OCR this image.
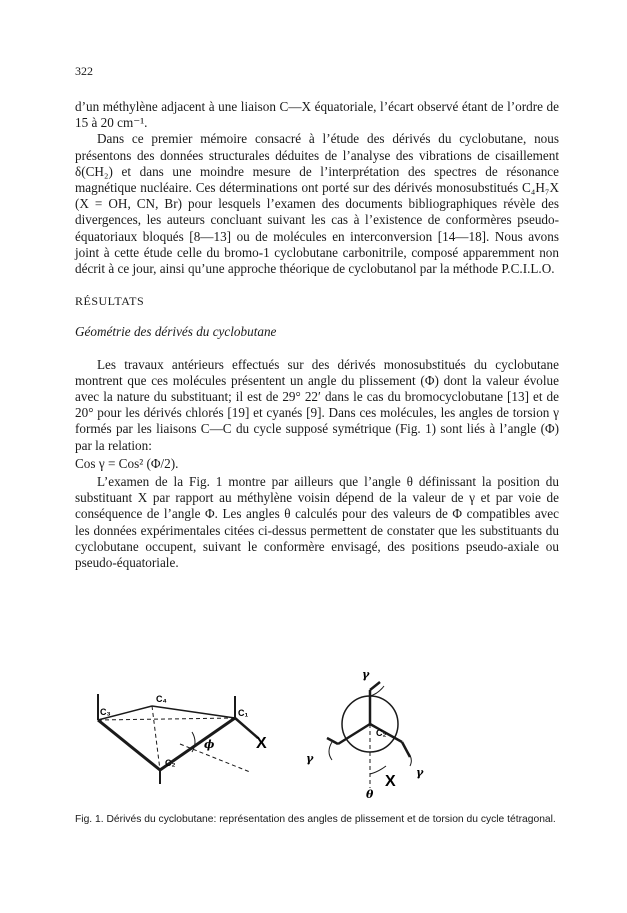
322

d’un méthylène adjacent à une liaison C—X équatoriale, l’écart observé étant de l’ordre de 15 à 20 cm⁻¹.

Dans ce premier mémoire consacré à l’étude des dérivés du cyclobutane, nous présentons des données structurales déduites de l’analyse des vibrations de cisaillement δ(CH₂) et dans une moindre mesure de l’interprétation des spectres de résonance magnétique nucléaire. Ces déterminations ont porté sur des dérivés monosubstitués C₄H₇X (X = OH, CN, Br) pour lesquels l’examen des documents bibliographiques révèle des divergences, les auteurs concluant suivant les cas à l’existence de conformères pseudo-équatoriaux bloqués [8—13] ou de molécules en interconversion [14—18]. Nous avons joint à cette étude celle du bromo-1 cyclobutane carbonitrile, composé apparemment non décrit à ce jour, ainsi qu’une approche théorique de cyclobutanol par la méthode P.C.I.L.O.

RÉSULTATS

Géométrie des dérivés du cyclobutane

Les travaux antérieurs effectués sur des dérivés monosubstitués du cyclobutane montrent que ces molécules présentent un angle du plissement (Φ) dont la valeur évolue avec la nature du substituant; il est de 29° 22′ dans le cas du bromocyclobutane [13] et de 20° pour les dérivés chlorés [19] et cyanés [9]. Dans ces molécules, les angles de torsion γ formés par les liaisons C—C du cycle supposé symétrique (Fig. 1) sont liés à l’angle (Φ) par la relation:

Cos γ = Cos² (Φ/2).

L’examen de la Fig. 1 montre par ailleurs que l’angle θ définissant la position du substituant X par rapport au méthylène voisin dépend de la valeur de γ et par voie de conséquence de l’angle Φ. Les angles θ calculés pour des valeurs de Φ compatibles avec les données expérimentales citées ci-dessus permettent de constater que les substituants du cyclobutane occupent, suivant le conformère envisagé, des positions pseudo-axiale ou pseudo-équatoriale.

C₃
C₄
C₁
C₂
X
ϕ
C₂
γ
γ
γ
X
θ
Fig. 1. Dérivés du cyclobutane: représentation des angles de plissement et de torsion du cycle tétragonal.
